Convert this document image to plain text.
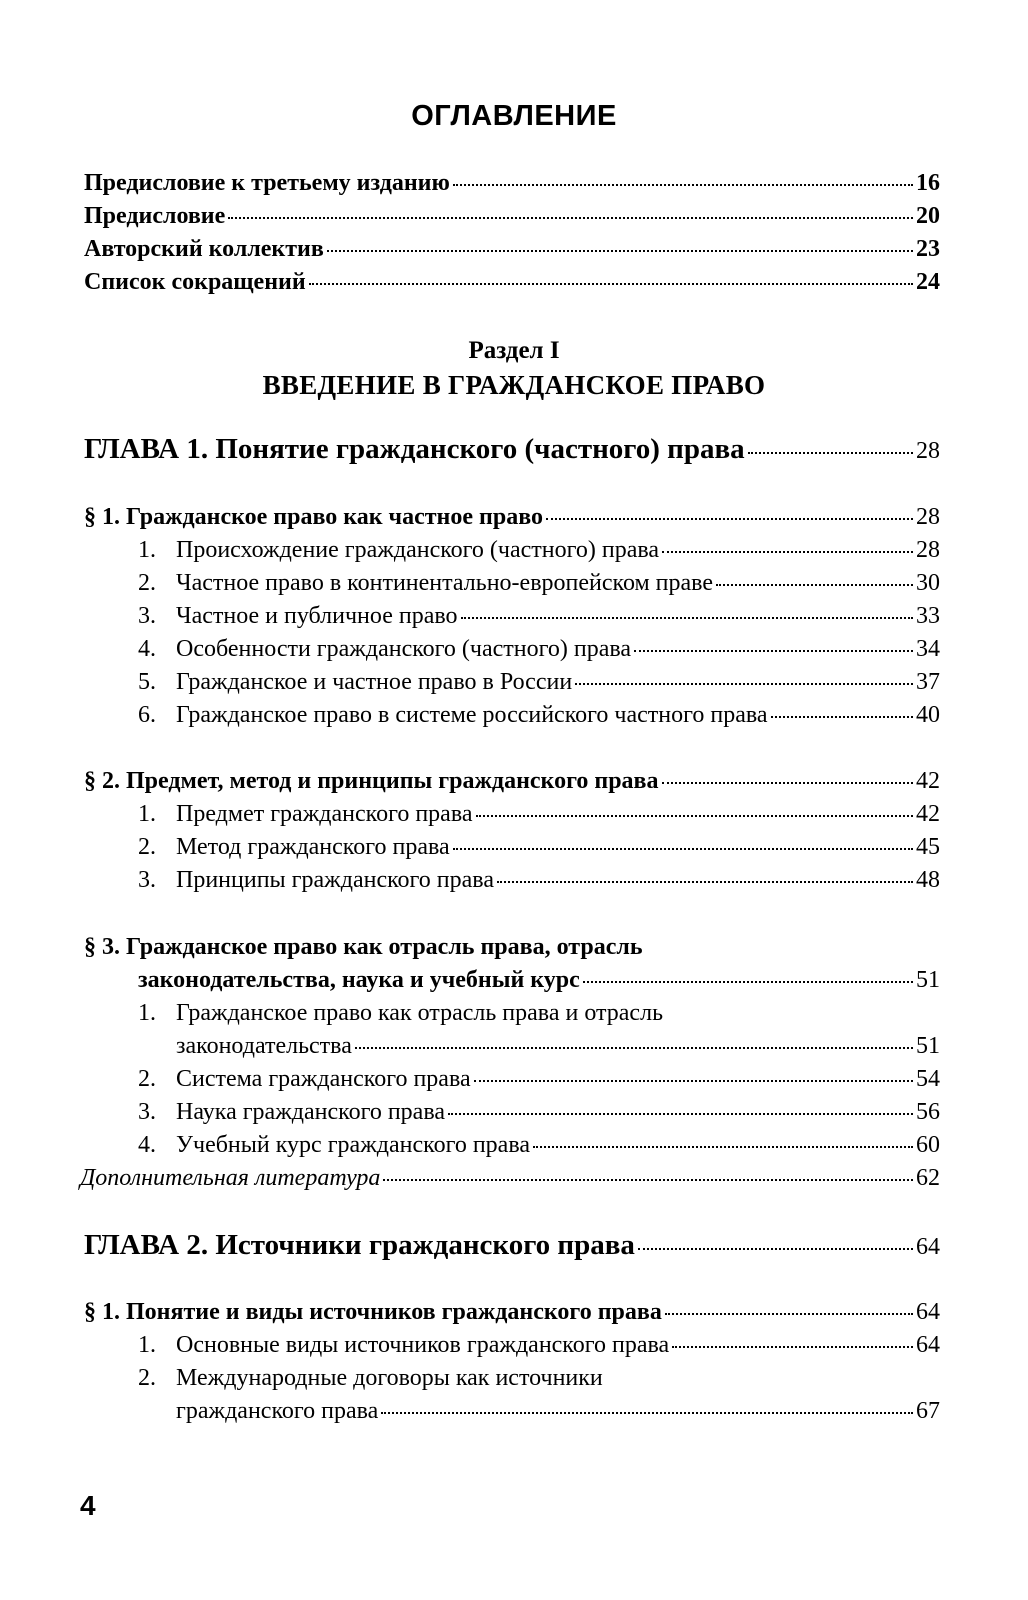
ОГЛАВЛЕНИЕ
Предисловие к третьему изданию	16
Предисловие	20
Авторский коллектив	23
Список сокращений	24
Раздел I
ВВЕДЕНИЕ В ГРАЖДАНСКОЕ ПРАВО
ГЛАВА 1. Понятие гражданского (частного) права	28
§ 1. Гражданское право как частное право	28
1. Происхождение гражданского (частного) права	28
2. Частное право в континентально-европейском праве	30
3. Частное и публичное право	33
4. Особенности гражданского (частного) права	34
5. Гражданское и частное право в России	37
6. Гражданское право в системе российского частного права	40
§ 2. Предмет, метод и принципы гражданского права	42
1. Предмет гражданского права	42
2. Метод гражданского права	45
3. Принципы гражданского права	48
§ 3. Гражданское право как отрасль права, отрасль
законодательства, наука и учебный курс	51
1. Гражданское право как отрасль права и отрасль
законодательства	51
2. Система гражданского права	54
3. Наука гражданского права	56
4. Учебный курс гражданского права	60
Дополнительная литература	62
ГЛАВА 2. Источники гражданского права	64
§ 1. Понятие и виды источников гражданского права	64
1. Основные виды источников гражданского права	64
2. Международные договоры как источники
гражданского права	67
4
